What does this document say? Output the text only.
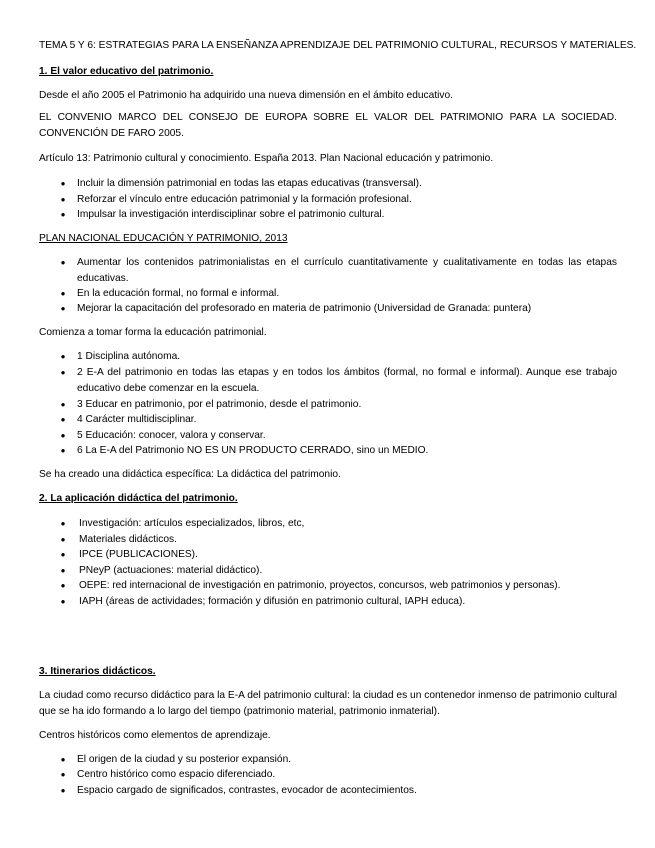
TEMA 5 Y 6: ESTRATEGIAS PARA LA ENSEÑANZA APRENDIZAJE DEL PATRIMONIO CULTURAL, RECURSOS Y MATERIALES.
1. El valor educativo del patrimonio.
Desde el año 2005 el Patrimonio ha adquirido una nueva dimensión en el ámbito educativo.
EL CONVENIO MARCO DEL CONSEJO DE EUROPA SOBRE EL VALOR DEL PATRIMONIO PARA LA SOCIEDAD. CONVENCIÓN DE FARO 2005.
Artículo 13: Patrimonio cultural y conocimiento. España 2013. Plan Nacional educación y patrimonio.
●
Incluir la dimensión patrimonial en todas las etapas educativas (transversal).
●
Reforzar el vínculo entre educación patrimonial y la formación profesional.
●
Impulsar la investigación interdisciplinar sobre el patrimonio cultural.
PLAN NACIONAL EDUCACIÓN Y PATRIMONIO, 2013
●
Aumentar los contenidos patrimonialistas en el currículo cuantitativamente y cualitativamente en todas las etapas educativas.
●
En la educación formal, no formal e informal.
●
Mejorar la capacitación del profesorado en materia de patrimonio (Universidad de Granada: puntera)
Comienza a tomar forma la educación patrimonial.
●
1 Disciplina autónoma.
●
2 E-A del patrimonio en todas las etapas y en todos los ámbitos (formal, no formal e informal). Aunque ese trabajo educativo debe comenzar en la escuela.
●
3 Educar en patrimonio, por el patrimonio, desde el patrimonio.
●
4 Carácter multidisciplinar.
●
5 Educación: conocer, valora y conservar.
●
6 La E-A del Patrimonio NO ES UN PRODUCTO CERRADO, sino un MEDIO.
Se ha creado una didáctica específica: La didáctica del patrimonio.
2. La aplicación didáctica del patrimonio.
●
Investigación: artículos especializados, libros, etc,
●
Materiales didácticos.
●
IPCE (PUBLICACIONES).
●
PNeyP (actuaciones: material didáctico).
●
OEPE: red internacional de investigación en patrimonio, proyectos, concursos, web patrimonios y personas).
●
IAPH (áreas de actividades; formación y difusión en patrimonio cultural, IAPH educa).
3. Itinerarios didácticos.
La ciudad como recurso didáctico para la E-A del patrimonio cultural: la ciudad es un contenedor inmenso de patrimonio cultural que se ha ido formando a lo largo del tiempo (patrimonio material, patrimonio inmaterial).
Centros históricos como elementos de aprendizaje.
●
El origen de la ciudad y su posterior expansión.
●
Centro histórico como espacio diferenciado.
●
Espacio cargado de significados, contrastes, evocador de acontecimientos.
